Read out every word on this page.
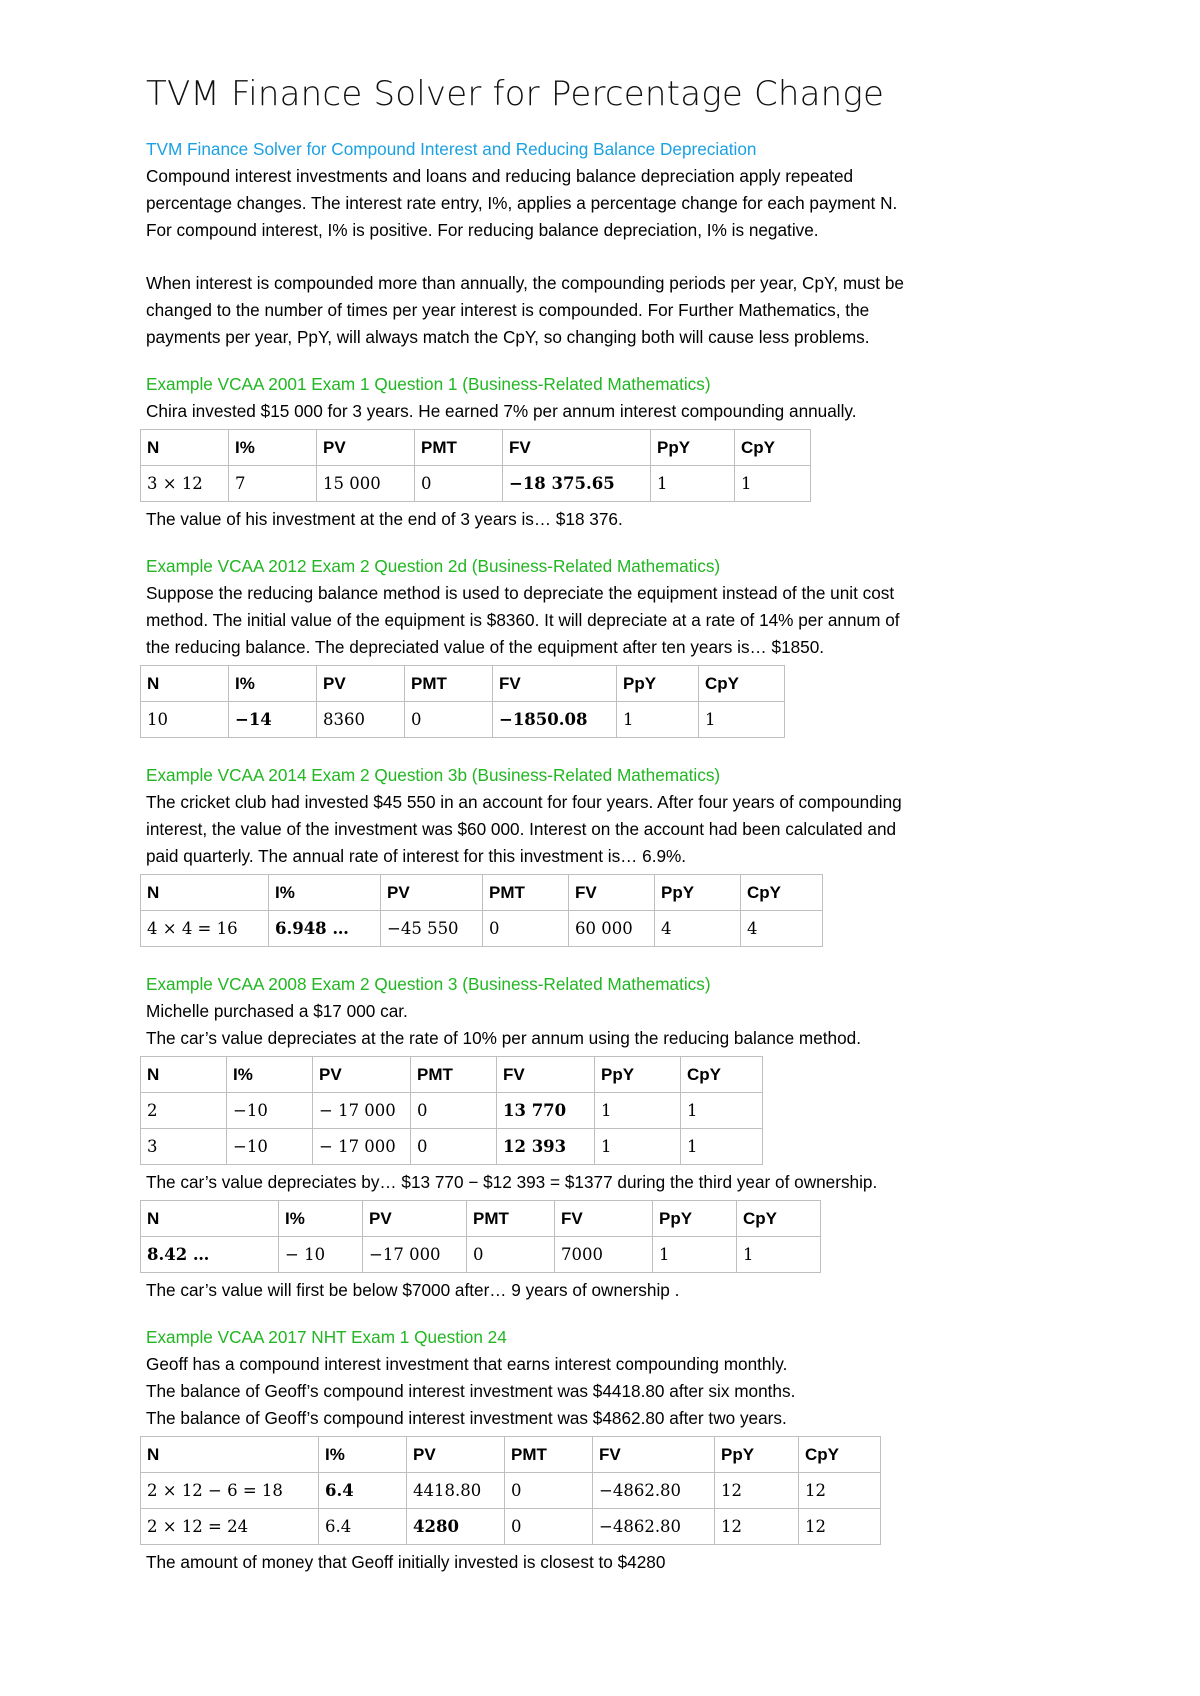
TVM Finance Solver for Percentage Change

TVM Finance Solver for Compound Interest and Reducing Balance Depreciation

Compound interest investments and loans and reducing balance depreciation apply repeated

percentage changes. The interest rate entry, I%, applies a percentage change for each payment N.

For compound interest, I% is positive. For reducing balance depreciation, I% is negative.

When interest is compounded more than annually, the compounding periods per year, CpY, must be

changed to the number of times per year interest is compounded. For Further Mathematics, the

payments per year, PpY, will always match the CpY, so changing both will cause less problems.

Example VCAA 2001 Exam 1 Question 1 (Business-Related Mathematics)

Chira invested $15 000 for 3 years. He earned 7% per annum interest compounding annually.

N	I%	PV	PMT	FV	PpY	CpY
3 × 12	7	15 000	0	−18 375.65	1	1

The value of his investment at the end of 3 years is… $18 376.

Example VCAA 2012 Exam 2 Question 2d (Business-Related Mathematics)

Suppose the reducing balance method is used to depreciate the equipment instead of the unit cost

method. The initial value of the equipment is $8360. It will depreciate at a rate of 14% per annum of

the reducing balance. The depreciated value of the equipment after ten years is… $1850.

N	I%	PV	PMT	FV	PpY	CpY
10	−14	8360	0	−1850.08	1	1

Example VCAA 2014 Exam 2 Question 3b (Business-Related Mathematics)

The cricket club had invested $45 550 in an account for four years. After four years of compounding

interest, the value of the investment was $60 000. Interest on the account had been calculated and

paid quarterly. The annual rate of interest for this investment is… 6.9%.

N	I%	PV	PMT	FV	PpY	CpY
4 × 4 = 16	6.948 …	−45 550	0	60 000	4	4

Example VCAA 2008 Exam 2 Question 3 (Business-Related Mathematics)

Michelle purchased a $17 000 car.

The car’s value depreciates at the rate of 10% per annum using the reducing balance method.

N	I%	PV	PMT	FV	PpY	CpY
2	−10	− 17 000	0	13 770	1	1
3	−10	− 17 000	0	12 393	1	1

The car’s value depreciates by… $13 770 − $12 393 = $1377 during the third year of ownership.

N	I%	PV	PMT	FV	PpY	CpY
8.42 …	− 10	−17 000	0	7000	1	1

The car’s value will first be below $7000 after… 9 years of ownership .

Example VCAA 2017 NHT Exam 1 Question 24

Geoff has a compound interest investment that earns interest compounding monthly.

The balance of Geoff’s compound interest investment was $4418.80 after six months.

The balance of Geoff’s compound interest investment was $4862.80 after two years.

N	I%	PV	PMT	FV	PpY	CpY
2 × 12 − 6 = 18	6.4	4418.80	0	−4862.80	12	12
2 × 12 = 24	6.4	4280	0	−4862.80	12	12

The amount of money that Geoff initially invested is closest to $4280
